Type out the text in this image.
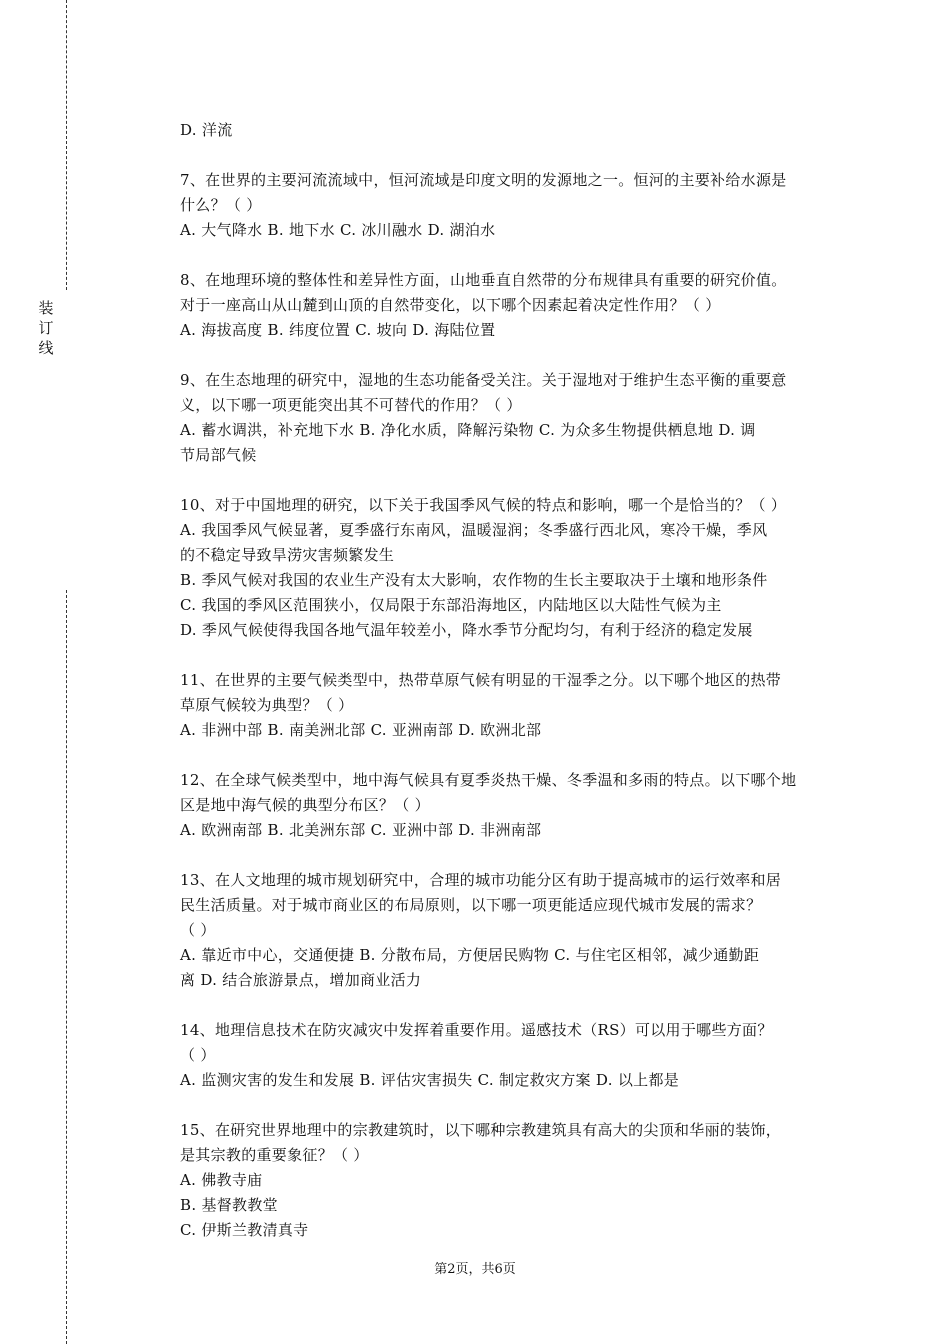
装
订
线
D. 洋流
7、在世界的主要河流流域中，恒河流域是印度文明的发源地之一。恒河的主要补给水源是
什么？（ ）
A. 大气降水 B. 地下水 C. 冰川融水 D. 湖泊水
8、在地理环境的整体性和差异性方面，山地垂直自然带的分布规律具有重要的研究价值。
对于一座高山从山麓到山顶的自然带变化，以下哪个因素起着决定性作用？（ ）
A. 海拔高度 B. 纬度位置 C. 坡向 D. 海陆位置
9、在生态地理的研究中，湿地的生态功能备受关注。关于湿地对于维护生态平衡的重要意
义，以下哪一项更能突出其不可替代的作用？（ ）
A. 蓄水调洪，补充地下水 B. 净化水质，降解污染物 C. 为众多生物提供栖息地 D. 调
节局部气候
10、对于中国地理的研究，以下关于我国季风气候的特点和影响，哪一个是恰当的？（ ）
A. 我国季风气候显著，夏季盛行东南风，温暖湿润；冬季盛行西北风，寒冷干燥，季风
的不稳定导致旱涝灾害频繁发生
B. 季风气候对我国的农业生产没有太大影响，农作物的生长主要取决于土壤和地形条件
C. 我国的季风区范围狭小，仅局限于东部沿海地区，内陆地区以大陆性气候为主
D. 季风气候使得我国各地气温年较差小，降水季节分配均匀，有利于经济的稳定发展
11、在世界的主要气候类型中，热带草原气候有明显的干湿季之分。以下哪个地区的热带
草原气候较为典型？（ ）
A. 非洲中部 B. 南美洲北部 C. 亚洲南部 D. 欧洲北部
12、在全球气候类型中，地中海气候具有夏季炎热干燥、冬季温和多雨的特点。以下哪个地
区是地中海气候的典型分布区？（ ）
A. 欧洲南部 B. 北美洲东部 C. 亚洲中部 D. 非洲南部
13、在人文地理的城市规划研究中，合理的城市功能分区有助于提高城市的运行效率和居
民生活质量。对于城市商业区的布局原则，以下哪一项更能适应现代城市发展的需求？
（ ）
A. 靠近市中心，交通便捷 B. 分散布局，方便居民购物 C. 与住宅区相邻，减少通勤距
离 D. 结合旅游景点，增加商业活力
14、地理信息技术在防灾减灾中发挥着重要作用。遥感技术（RS）可以用于哪些方面？
（ ）
A. 监测灾害的发生和发展 B. 评估灾害损失 C. 制定救灾方案 D. 以上都是
15、在研究世界地理中的宗教建筑时，以下哪种宗教建筑具有高大的尖顶和华丽的装饰，
是其宗教的重要象征？（ ）
A. 佛教寺庙
B. 基督教教堂
C. 伊斯兰教清真寺
第2页，共6页
